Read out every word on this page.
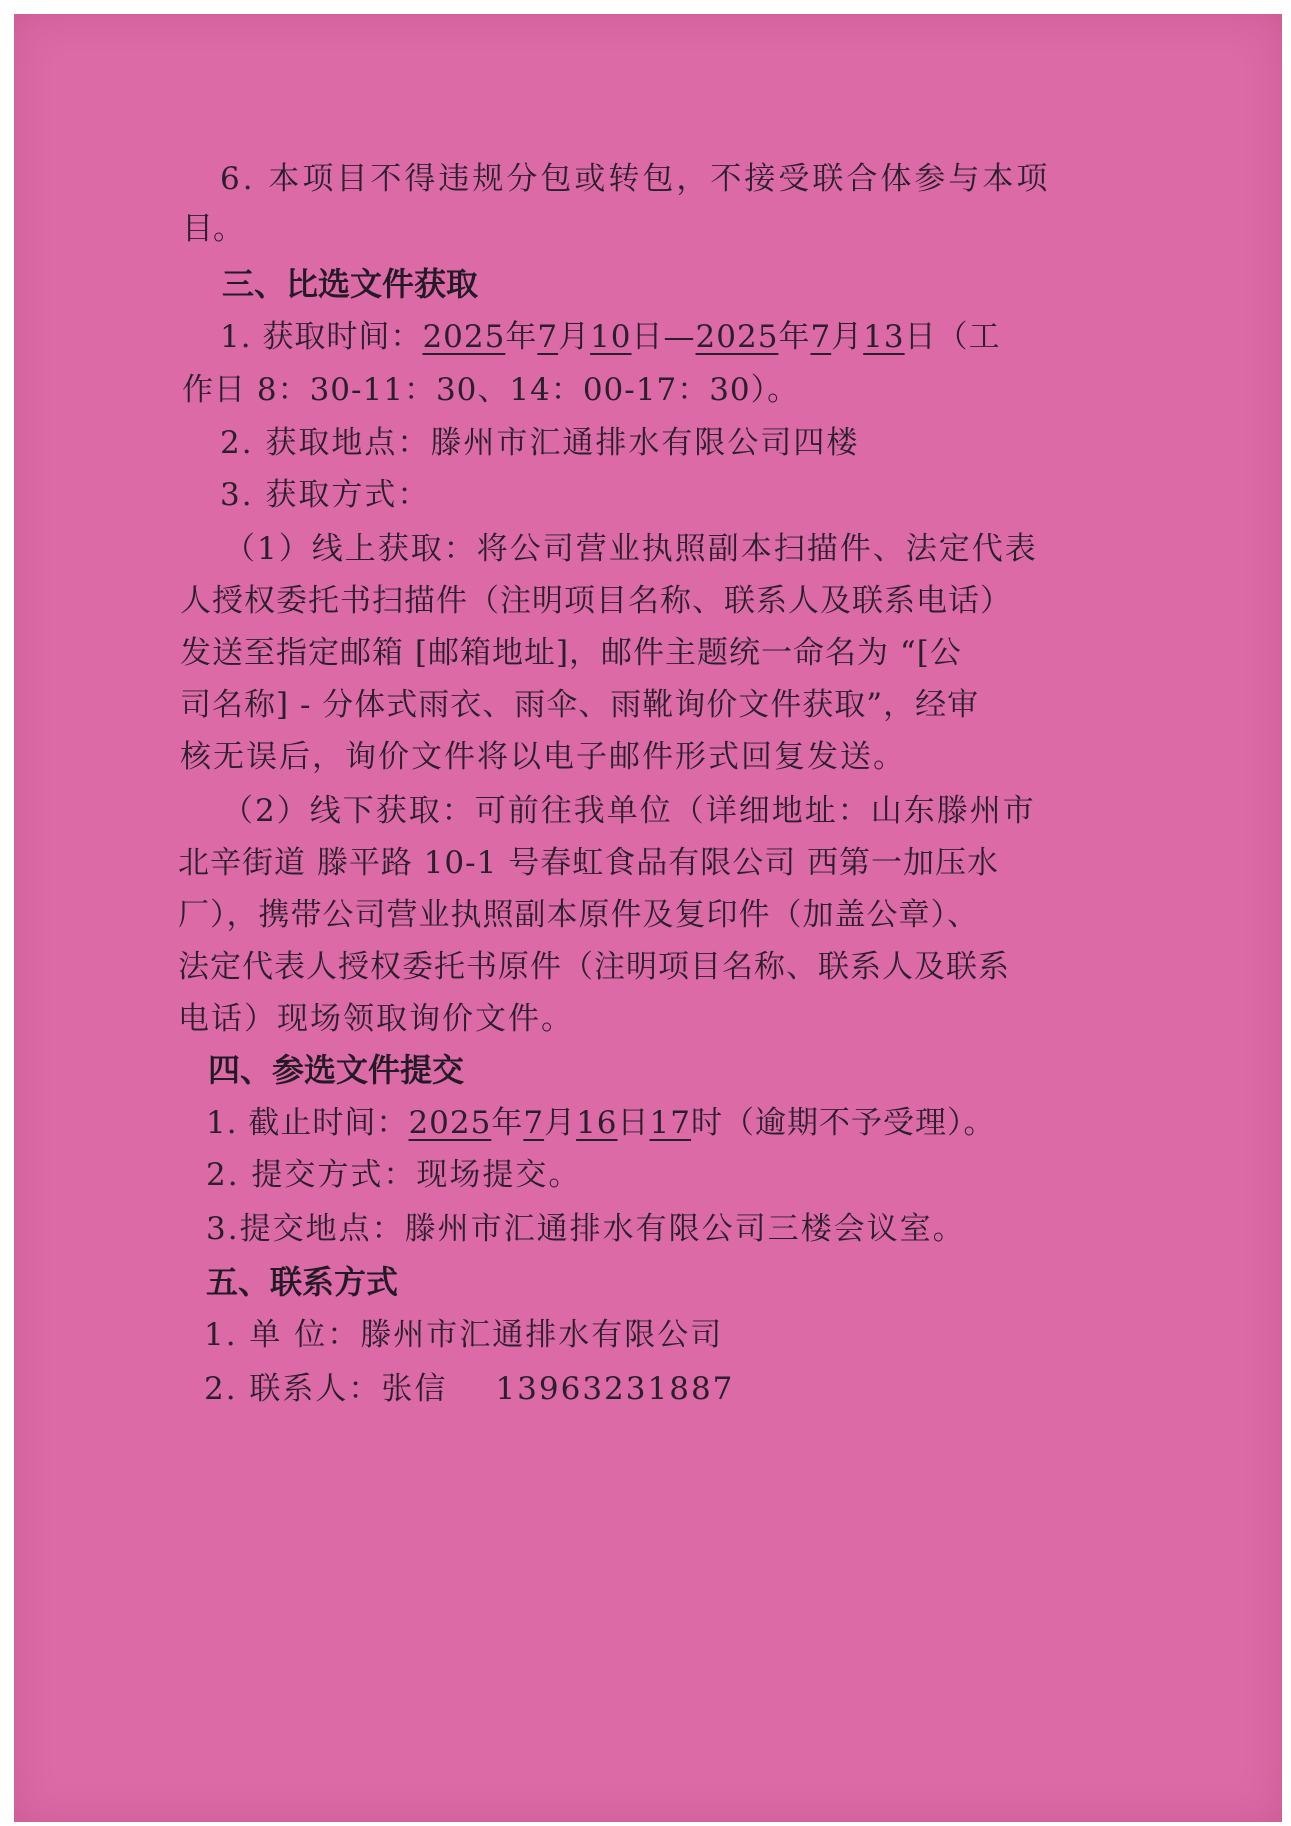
6. 本项目不得违规分包或转包，不接受联合体参与本项
目。
三、比选文件获取
1. 获取时间：2025年7月10日—2025年7月13日（工
作日 8：30-11：30、14：00-17：30）。
2. 获取地点：滕州市汇通排水有限公司四楼
3. 获取方式：
（1）线上获取：将公司营业执照副本扫描件、法定代表
人授权委托书扫描件（注明项目名称、联系人及联系电话）
发送至指定邮箱 [邮箱地址]，邮件主题统一命名为 “[公
司名称] - 分体式雨衣、雨伞、雨靴询价文件获取”，经审
核无误后，询价文件将以电子邮件形式回复发送。
（2）线下获取：可前往我单位（详细地址：山东滕州市
北辛街道 滕平路 10-1 号春虹食品有限公司 西第一加压水
厂），携带公司营业执照副本原件及复印件（加盖公章）、
法定代表人授权委托书原件（注明项目名称、联系人及联系
电话）现场领取询价文件。
四、参选文件提交
1. 截止时间：2025年7月16日17时（逾期不予受理）。
2. 提交方式：现场提交。
3.提交地点：滕州市汇通排水有限公司三楼会议室。
五、联系方式
1. 单 位：滕州市汇通排水有限公司
2. 联系人：张信 13963231887
